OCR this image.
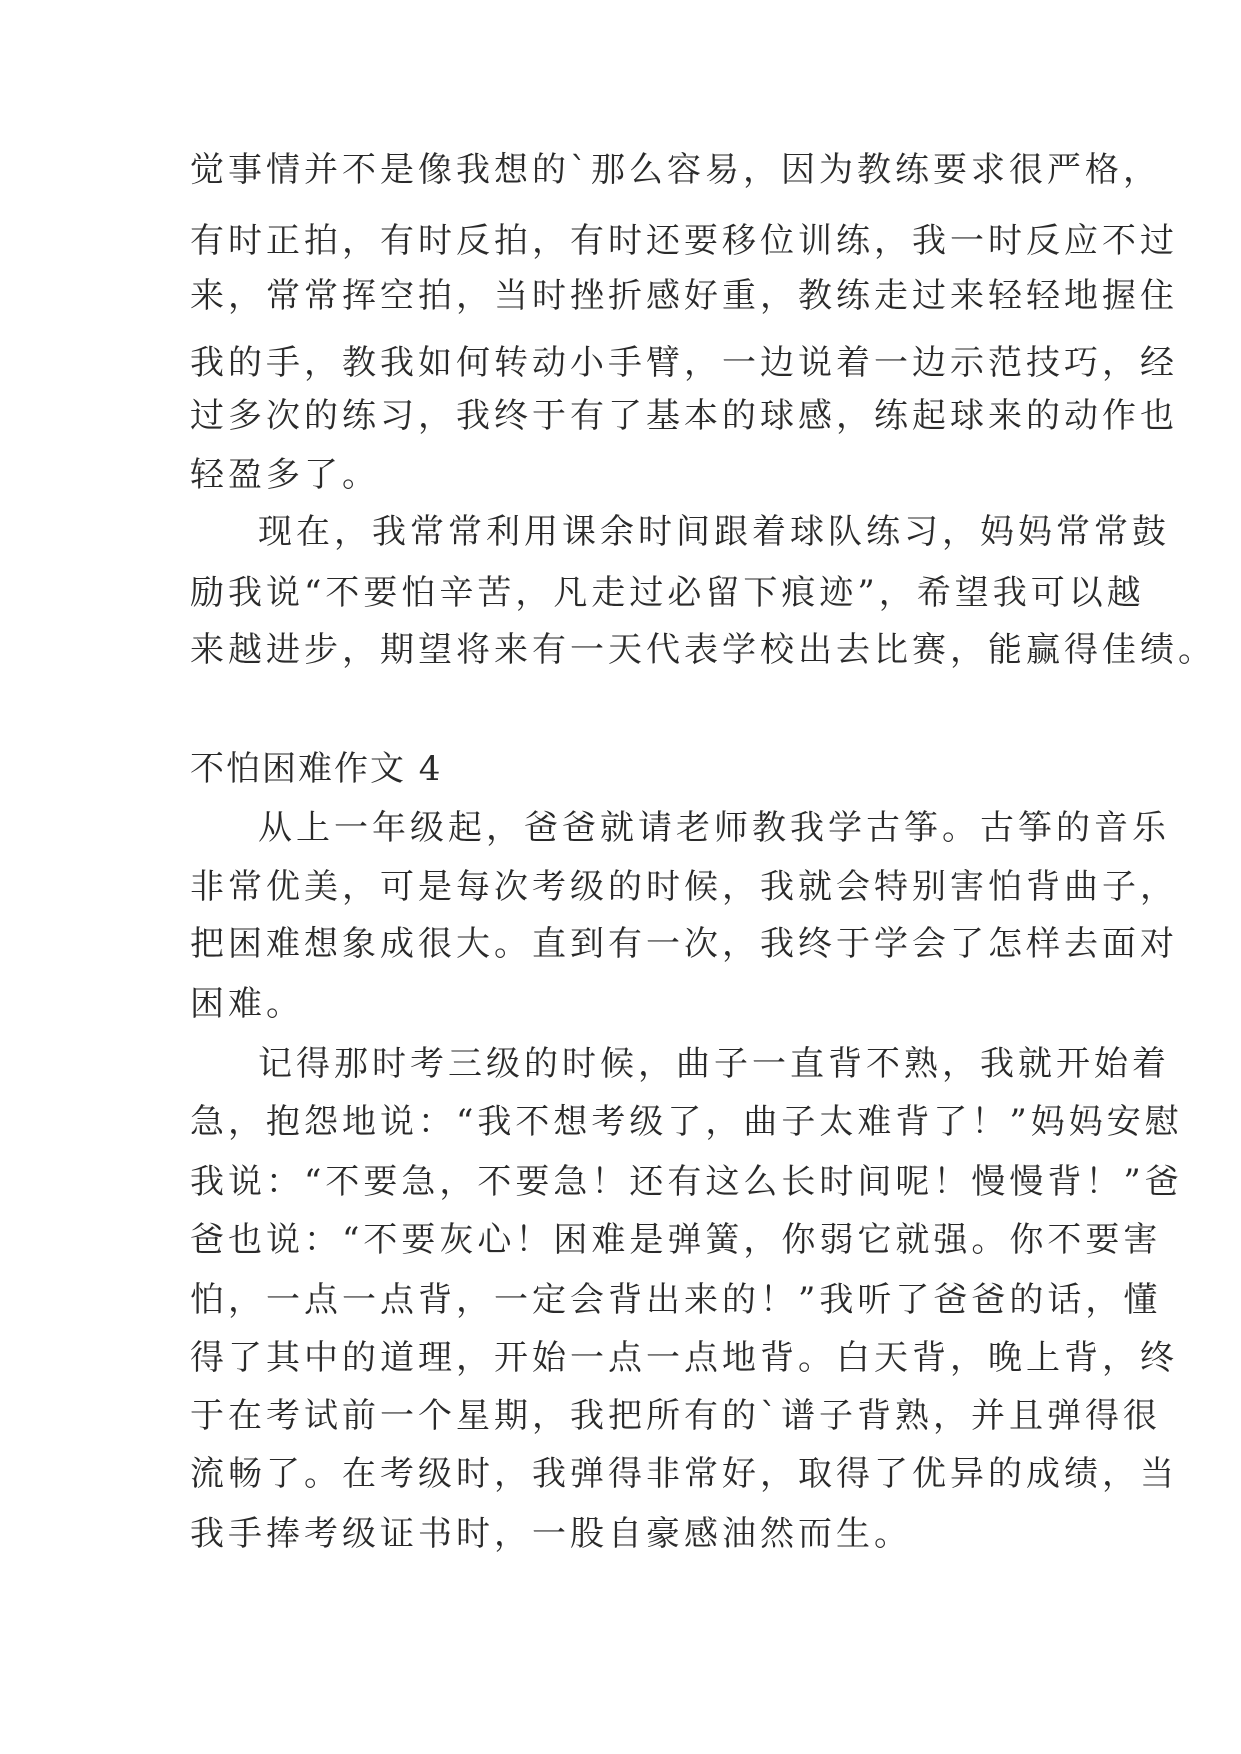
觉事情并不是像我想的`那么容易，因为教练要求很严格，
有时正拍，有时反拍，有时还要移位训练，我一时反应不过
来，常常挥空拍，当时挫折感好重，教练走过来轻轻地握住
我的手，教我如何转动小手臂，一边说着一边示范技巧，经
过多次的练习，我终于有了基本的球感，练起球来的动作也
轻盈多了。
现在，我常常利用课余时间跟着球队练习，妈妈常常鼓
励我说“不要怕辛苦，凡走过必留下痕迹”，希望我可以越
来越进步，期望将来有一天代表学校出去比赛，能赢得佳绩。
不怕困难作文 4
从上一年级起，爸爸就请老师教我学古筝。古筝的音乐
非常优美，可是每次考级的时候，我就会特别害怕背曲子，
把困难想象成很大。直到有一次，我终于学会了怎样去面对
困难。
记得那时考三级的时候，曲子一直背不熟，我就开始着
急，抱怨地说：“我不想考级了，曲子太难背了！”妈妈安慰
我说：“不要急，不要急！还有这么长时间呢！慢慢背！”爸
爸也说：“不要灰心！困难是弹簧，你弱它就强。你不要害
怕，一点一点背，一定会背出来的！”我听了爸爸的话，懂
得了其中的道理，开始一点一点地背。白天背，晚上背，终
于在考试前一个星期，我把所有的`谱子背熟，并且弹得很
流畅了。在考级时，我弹得非常好，取得了优异的成绩，当
我手捧考级证书时，一股自豪感油然而生。
